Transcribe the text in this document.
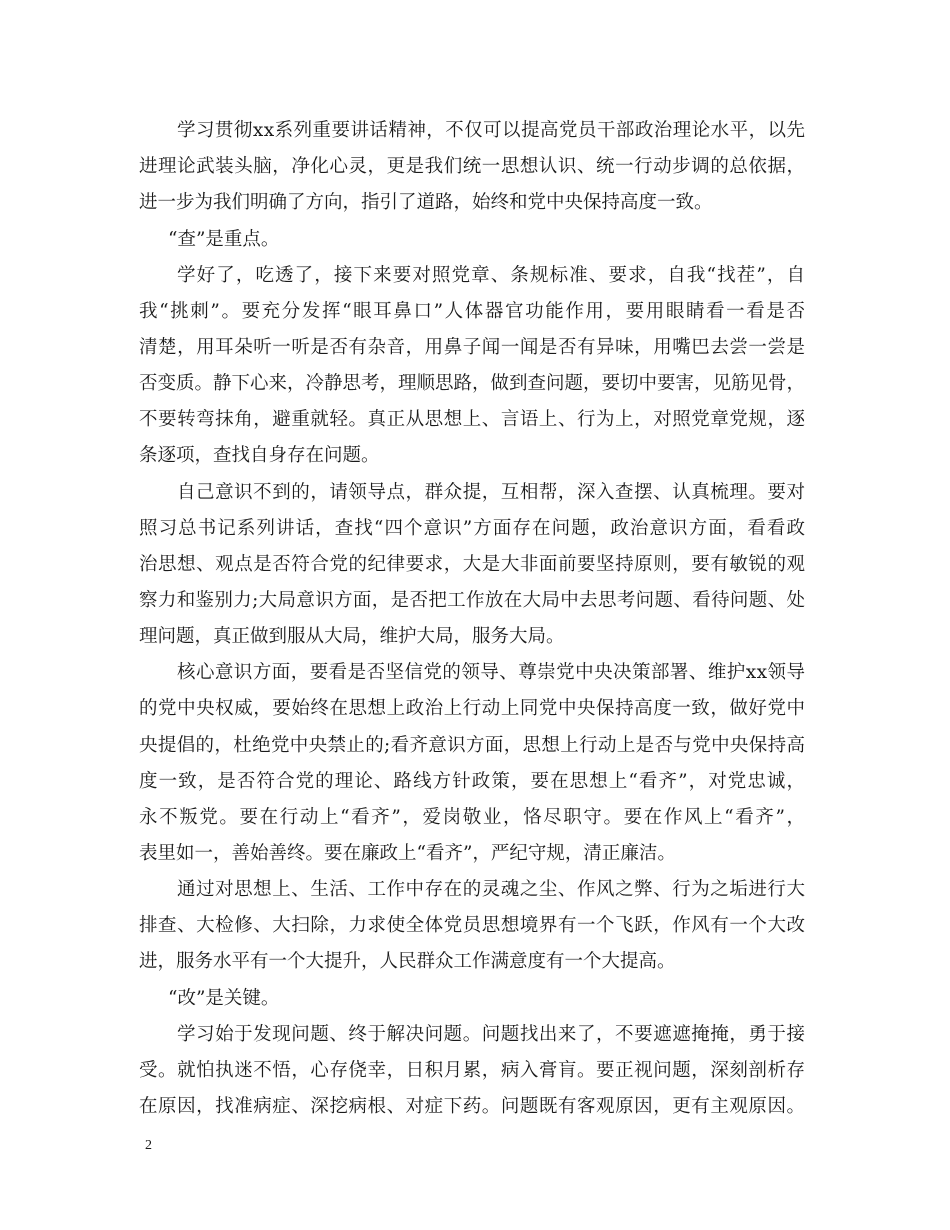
学习贯彻xx系列重要讲话精神，不仅可以提高党员干部政治理论水平，以先

进理论武装头脑，净化心灵，更是我们统一思想认识、统一行动步调的总依据，

进一步为我们明确了方向，指引了道路，始终和党中央保持高度一致。

“查”是重点。

学好了，吃透了，接下来要对照党章、条规标准、要求，自我“找茬”，自

我“挑刺”。要充分发挥“眼耳鼻口”人体器官功能作用，要用眼睛看一看是否

清楚，用耳朵听一听是否有杂音，用鼻子闻一闻是否有异味，用嘴巴去尝一尝是

否变质。静下心来，冷静思考，理顺思路，做到查问题，要切中要害，见筋见骨，

不要转弯抹角，避重就轻。真正从思想上、言语上、行为上，对照党章党规，逐

条逐项，查找自身存在问题。

自己意识不到的，请领导点，群众提，互相帮，深入查摆、认真梳理。要对

照习总书记系列讲话，查找“四个意识”方面存在问题，政治意识方面，看看政

治思想、观点是否符合党的纪律要求，大是大非面前要坚持原则，要有敏锐的观

察力和鉴别力;大局意识方面，是否把工作放在大局中去思考问题、看待问题、处

理问题，真正做到服从大局，维护大局，服务大局。

核心意识方面，要看是否坚信党的领导、尊崇党中央决策部署、维护xx领导

的党中央权威，要始终在思想上政治上行动上同党中央保持高度一致，做好党中

央提倡的，杜绝党中央禁止的;看齐意识方面，思想上行动上是否与党中央保持高

度一致，是否符合党的理论、路线方针政策，要在思想上“看齐”，对党忠诚，

永不叛党。要在行动上“看齐”，爱岗敬业，恪尽职守。要在作风上“看齐”，

表里如一，善始善终。要在廉政上“看齐”，严纪守规，清正廉洁。

通过对思想上、生活、工作中存在的灵魂之尘、作风之弊、行为之垢进行大

排查、大检修、大扫除，力求使全体党员思想境界有一个飞跃，作风有一个大改

进，服务水平有一个大提升，人民群众工作满意度有一个大提高。

“改”是关键。

学习始于发现问题、终于解决问题。问题找出来了，不要遮遮掩掩，勇于接

受。就怕执迷不悟，心存侥幸，日积月累，病入膏肓。要正视问题，深刻剖析存

在原因，找准病症、深挖病根、对症下药。问题既有客观原因，更有主观原因。

2
